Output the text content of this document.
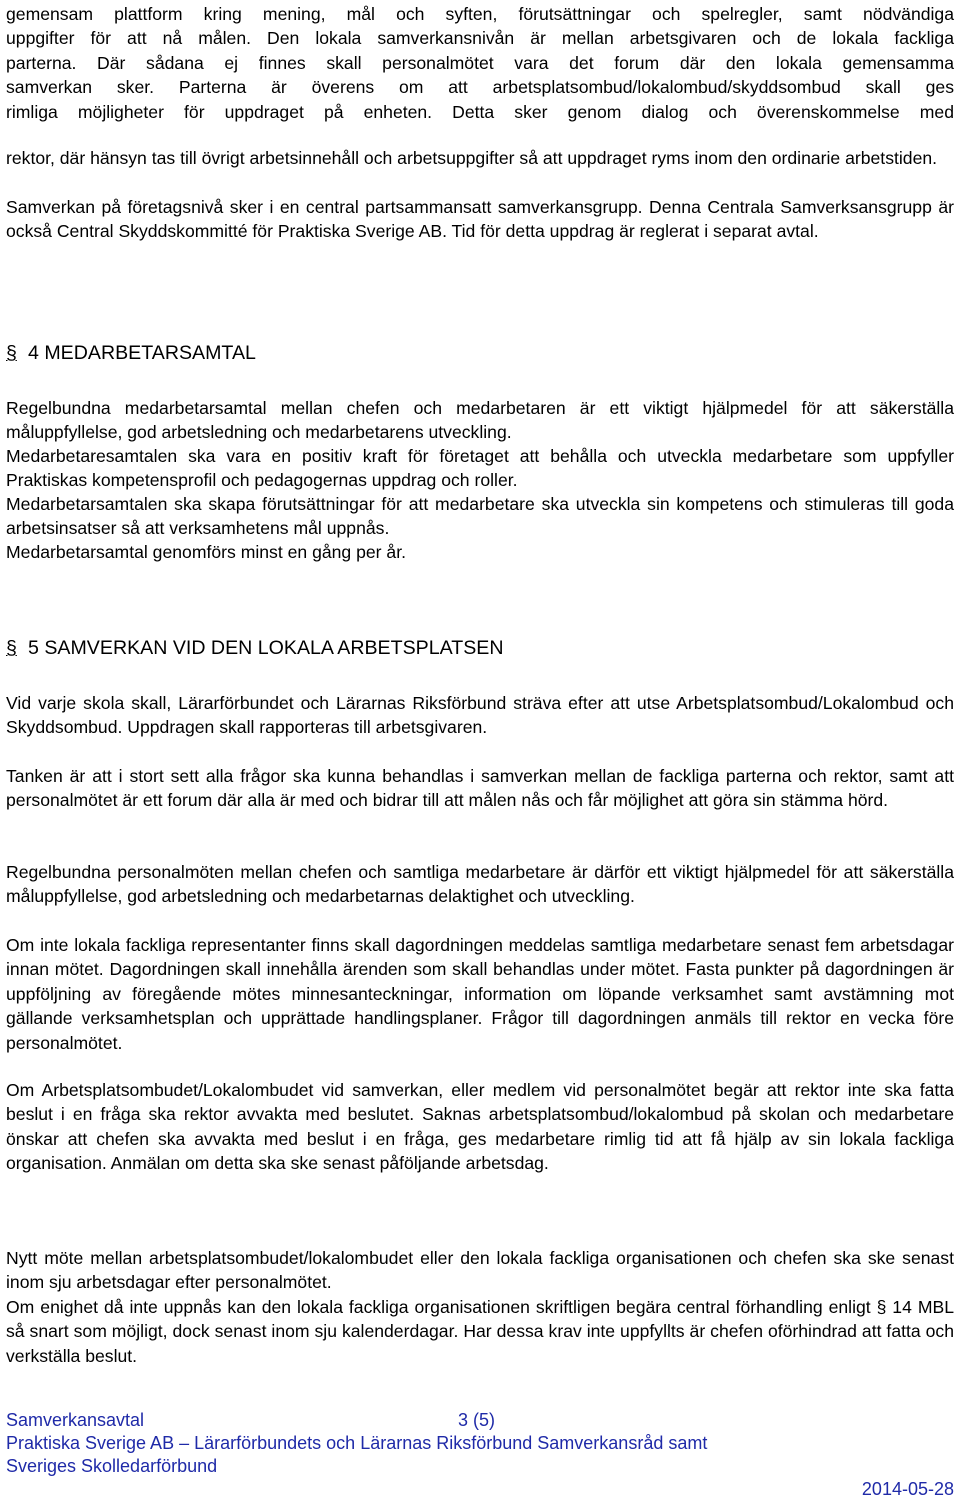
gemensam plattform kring mening, mål och syften, förutsättningar och spelregler, samt nödvändiga
uppgifter för att nå målen. Den lokala samverkansnivån är mellan arbetsgivaren och de lokala fackliga
parterna. Där sådana ej finnes skall personalmötet vara det forum där den lokala gemensamma
samverkan sker. Parterna är överens om att arbetsplatsombud/lokalombud/skyddsombud skall ges
rimliga möjligheter för uppdraget på enheten. Detta sker genom dialog och överenskommelse med

rektor, där hänsyn tas till övrigt arbetsinnehåll och arbetsuppgifter så att uppdraget ryms inom den ordinarie arbetstiden.

Samverkan på företagsnivå sker i en central partsammansatt samverkansgrupp. Denna Centrala Samverksansgrupp är också Central Skyddskommitté för Praktiska Sverige AB. Tid för detta uppdrag är reglerat i separat avtal.

§ 4 MEDARBETARSAMTAL

Regelbundna medarbetarsamtal mellan chefen och medarbetaren är ett viktigt hjälpmedel för att säkerställa måluppfyllelse, god arbetsledning och medarbetarens utveckling.

Medarbetaresamtalen ska vara en positiv kraft för företaget att behålla och utveckla medarbetare som uppfyller Praktiskas kompetensprofil och pedagogernas uppdrag och roller.

Medarbetarsamtalen ska skapa förutsättningar för att medarbetare ska utveckla sin kompetens och stimuleras till goda arbetsinsatser så att verksamhetens mål uppnås.

Medarbetarsamtal genomförs minst en gång per år.

§ 5 SAMVERKAN VID DEN LOKALA ARBETSPLATSEN

Vid varje skola skall, Lärarförbundet och Lärarnas Riksförbund sträva efter att utse Arbetsplatsombud/Lokalombud och Skyddsombud. Uppdragen skall rapporteras till arbetsgivaren.

Tanken är att i stort sett alla frågor ska kunna behandlas i samverkan mellan de fackliga parterna och rektor, samt att personalmötet är ett forum där alla är med och bidrar till att målen nås och får möjlighet att göra sin stämma hörd.

Regelbundna personalmöten mellan chefen och samtliga medarbetare är därför ett viktigt hjälpmedel för att säkerställa måluppfyllelse, god arbetsledning och medarbetarnas delaktighet och utveckling.

Om inte lokala fackliga representanter finns skall dagordningen meddelas samtliga medarbetare senast fem arbetsdagar innan mötet. Dagordningen skall innehålla ärenden som skall behandlas under mötet. Fasta punkter på dagordningen är uppföljning av föregående mötes minnesanteckningar, information om löpande verksamhet samt avstämning mot gällande verksamhetsplan och upprättade handlingsplaner. Frågor till dagordningen anmäls till rektor en vecka före personalmötet.

Om Arbetsplatsombudet/Lokalombudet vid samverkan, eller medlem vid personalmötet begär att rektor inte ska fatta beslut i en fråga ska rektor avvakta med beslutet. Saknas arbetsplatsombud/lokalombud på skolan och medarbetare önskar att chefen ska avvakta med beslut i en fråga, ges medarbetare rimlig tid att få hjälp av sin lokala fackliga organisation. Anmälan om detta ska ske senast påföljande arbetsdag.

Nytt möte mellan arbetsplatsombudet/lokalombudet eller den lokala fackliga organisationen och chefen ska ske senast inom sju arbetsdagar efter personalmötet.

Om enighet då inte uppnås kan den lokala fackliga organisationen skriftligen begära central förhandling enligt § 14 MBL så snart som möjligt, dock senast inom sju kalenderdagar. Har dessa krav inte uppfyllts är chefen oförhindrad att fatta och verkställa beslut.

Samverkansavtal	3 (5)
Praktiska Sverige AB – Lärarförbundets och Lärarnas Riksförbund Samverkansråd samt
Sveriges Skolledarförbund
2014-05-28
